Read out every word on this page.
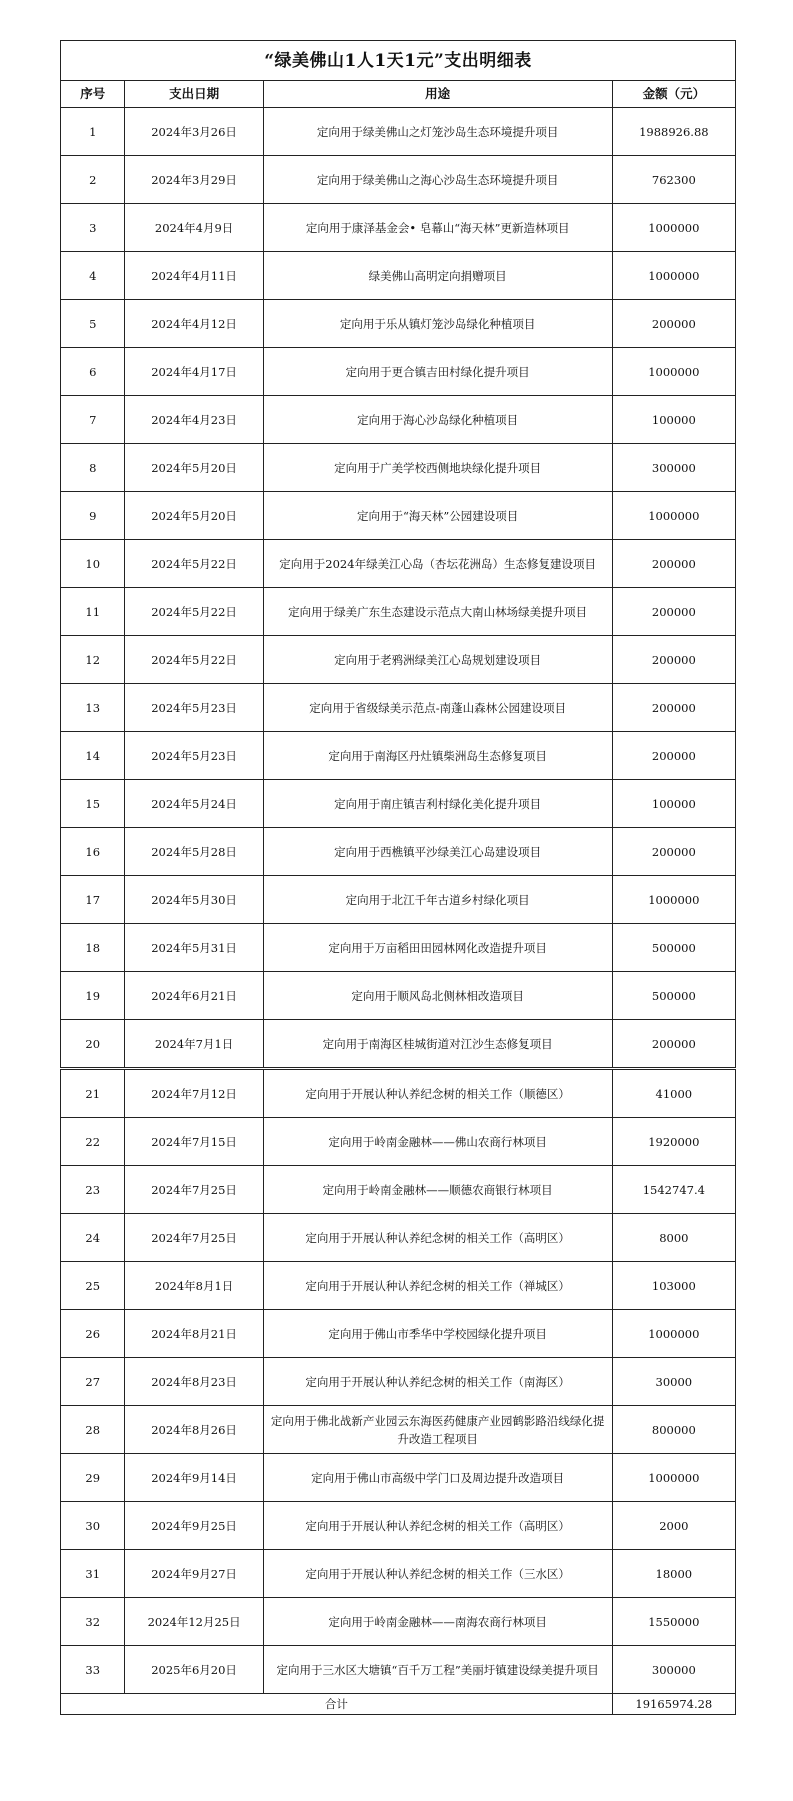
“绿美佛山1人1天1元”支出明细表			
序号	支出日期	用途	金额（元）
1	2024年3月26日	定向用于绿美佛山之灯笼沙岛生态环境提升项目	1988926.88
2	2024年3月29日	定向用于绿美佛山之海心沙岛生态环境提升项目	762300
3	2024年4月9日	定向用于康泽基金会• 皂幕山“海天林”更新造林项目	1000000
4	2024年4月11日	绿美佛山高明定向捐赠项目	1000000
5	2024年4月12日	定向用于乐从镇灯笼沙岛绿化种植项目	200000
6	2024年4月17日	定向用于更合镇吉田村绿化提升项目	1000000
7	2024年4月23日	定向用于海心沙岛绿化种植项目	100000
8	2024年5月20日	定向用于广美学校西侧地块绿化提升项目	300000
9	2024年5月20日	定向用于“海天林”公园建设项目	1000000
10	2024年5月22日	定向用于2024年绿美江心岛（杏坛花洲岛）生态修复建设项目	200000
11	2024年5月22日	定向用于绿美广东生态建设示范点大南山林场绿美提升项目	200000
12	2024年5月22日	定向用于老鸦洲绿美江心岛规划建设项目	200000
13	2024年5月23日	定向用于省级绿美示范点-南蓬山森林公园建设项目	200000
14	2024年5月23日	定向用于南海区丹灶镇柴洲岛生态修复项目	200000
15	2024年5月24日	定向用于南庄镇吉利村绿化美化提升项目	100000
16	2024年5月28日	定向用于西樵镇平沙绿美江心岛建设项目	200000
17	2024年5月30日	定向用于北江千年古道乡村绿化项目	1000000
18	2024年5月31日	定向用于万亩稻田田园林网化改造提升项目	500000
19	2024年6月21日	定向用于顺风岛北侧林相改造项目	500000
20	2024年7月1日	定向用于南海区桂城街道对江沙生态修复项目	200000
21	2024年7月12日	定向用于开展认种认养纪念树的相关工作（顺德区）	41000
22	2024年7月15日	定向用于岭南金融林——佛山农商行林项目	1920000
23	2024年7月25日	定向用于岭南金融林——顺德农商银行林项目	1542747.4
24	2024年7月25日	定向用于开展认种认养纪念树的相关工作（高明区）	8000
25	2024年8月1日	定向用于开展认种认养纪念树的相关工作（禅城区）	103000
26	2024年8月21日	定向用于佛山市季华中学校园绿化提升项目	1000000
27	2024年8月23日	定向用于开展认种认养纪念树的相关工作（南海区）	30000
28	2024年8月26日	定向用于佛北战新产业园云东海医药健康产业园鹤影路沿线绿化提升改造工程项目	800000
29	2024年9月14日	定向用于佛山市高级中学门口及周边提升改造项目	1000000
30	2024年9月25日	定向用于开展认种认养纪念树的相关工作（高明区）	2000
31	2024年9月27日	定向用于开展认种认养纪念树的相关工作（三水区）	18000
32	2024年12月25日	定向用于岭南金融林——南海农商行林项目	1550000
33	2025年6月20日	定向用于三水区大塘镇“百千万工程”美丽圩镇建设绿美提升项目	300000
合计			19165974.28
